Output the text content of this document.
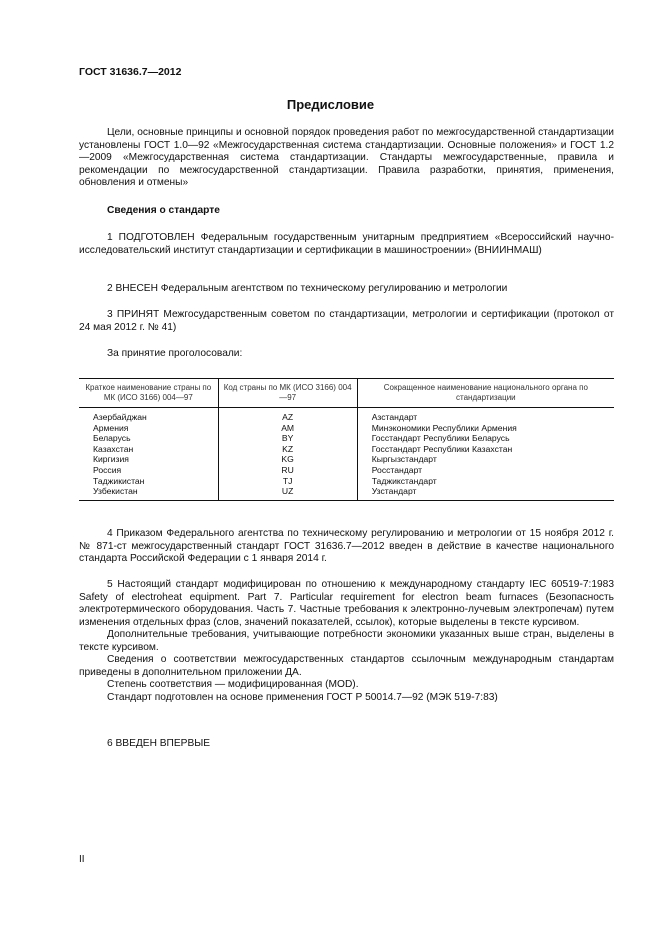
ГОСТ 31636.7—2012
Предисловие

Цели, основные принципы и основной порядок проведения работ по межгосударственной стандартизации установлены ГОСТ 1.0—92 «Межгосударственная система стандартизации. Основные положения» и ГОСТ 1.2—2009 «Межгосударственная система стандартизации. Стандарты межгосударственные, правила и рекомендации по межгосударственной стандартизации. Правила разработки, принятия, применения, обновления и отмены»

Сведения о стандарте

1 ПОДГОТОВЛЕН Федеральным государственным унитарным предприятием «Всероссийский научно-исследовательский институт стандартизации и сертификации в машиностроении» (ВНИИНМАШ)

2 ВНЕСЕН Федеральным агентством по техническому регулированию и метрологии

3 ПРИНЯТ Межгосударственным советом по стандартизации, метрологии и сертификации (протокол от 24 мая 2012 г. № 41)

За принятие проголосовали:

Краткое наименование страны по МК (ИСО 3166) 004—97	Код страны по МК (ИСО 3166) 004—97	Сокращенное наименование национального органа по стандартизации
Азербайджан	AZ	Азстандарт
Армения	AM	Минэкономики Республики Армения
Беларусь	BY	Госстандарт Республики Беларусь
Казахстан	KZ	Госстандарт Республики Казахстан
Киргизия	KG	Кыргызстандарт
Россия	RU	Росстандарт
Таджикистан	TJ	Таджикстандарт
Узбекистан	UZ	Узстандарт

4 Приказом Федерального агентства по техническому регулированию и метрологии от 15 ноября 2012 г. № 871-ст межгосударственный стандарт ГОСТ 31636.7—2012 введен в действие в качестве национального стандарта Российской Федерации с 1 января 2014 г.

5 Настоящий стандарт модифицирован по отношению к международному стандарту IEC 60519-7:1983 Safety of electroheat equipment. Part 7. Particular requirement for electron beam furnaces (Безопасность электротермического оборудования. Часть 7. Частные требования к электронно-лучевым электропечам) путем изменения отдельных фраз (слов, значений показателей, ссылок), которые выделены в тексте курсивом.

Дополнительные требования, учитывающие потребности экономики указанных выше стран, выделены в тексте курсивом.

Сведения о соответствии межгосударственных стандартов ссылочным международным стандартам приведены в дополнительном приложении ДА.

Степень соответствия — модифицированная (MOD).

Стандарт подготовлен на основе применения ГОСТ Р 50014.7—92 (МЭК 519-7:83)

6 ВВЕДЕН ВПЕРВЫЕ

II
